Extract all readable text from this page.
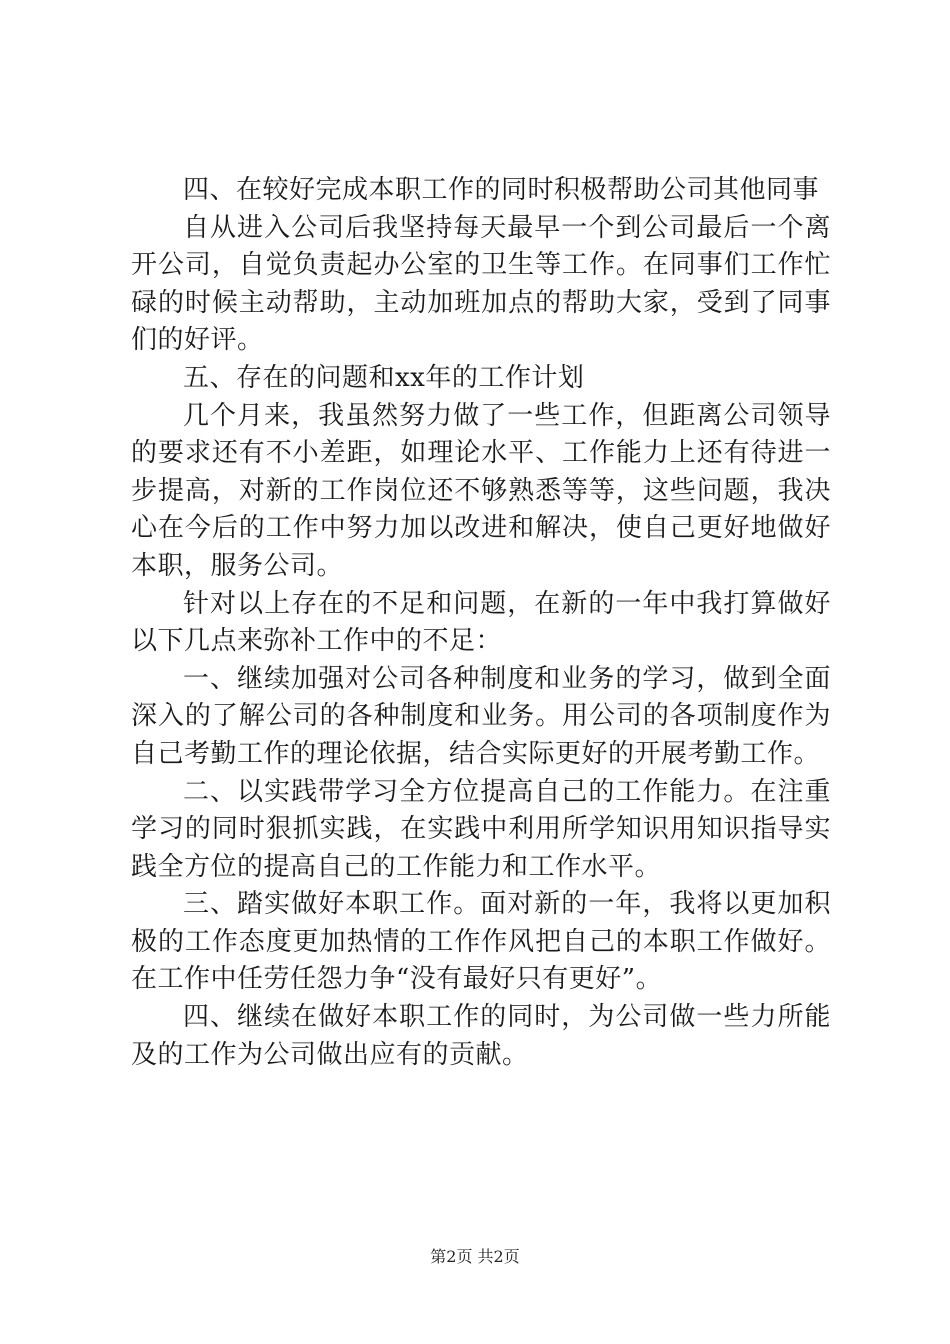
四、在较好完成本职工作的同时积极帮助公司其他同事

自从进入公司后我坚持每天最早一个到公司最后一个离开公司，自觉负责起办公室的卫生等工作。在同事们工作忙碌的时候主动帮助，主动加班加点的帮助大家，受到了同事们的好评。

五、存在的问题和xx年的工作计划

几个月来，我虽然努力做了一些工作，但距离公司领导的要求还有不小差距，如理论水平、工作能力上还有待进一步提高，对新的工作岗位还不够熟悉等等，这些问题，我决心在今后的工作中努力加以改进和解决，使自己更好地做好本职，服务公司。

针对以上存在的不足和问题，在新的一年中我打算做好以下几点来弥补工作中的不足：

一、继续加强对公司各种制度和业务的学习，做到全面深入的了解公司的各种制度和业务。用公司的各项制度作为自己考勤工作的理论依据，结合实际更好的开展考勤工作。

二、以实践带学习全方位提高自己的工作能力。在注重学习的同时狠抓实践，在实践中利用所学知识用知识指导实践全方位的提高自己的工作能力和工作水平。

三、踏实做好本职工作。面对新的一年，我将以更加积极的工作态度更加热情的工作作风把自己的本职工作做好。在工作中任劳任怨力争“没有最好只有更好”。

四、继续在做好本职工作的同时，为公司做一些力所能及的工作为公司做出应有的贡献。

第2页 共2页
